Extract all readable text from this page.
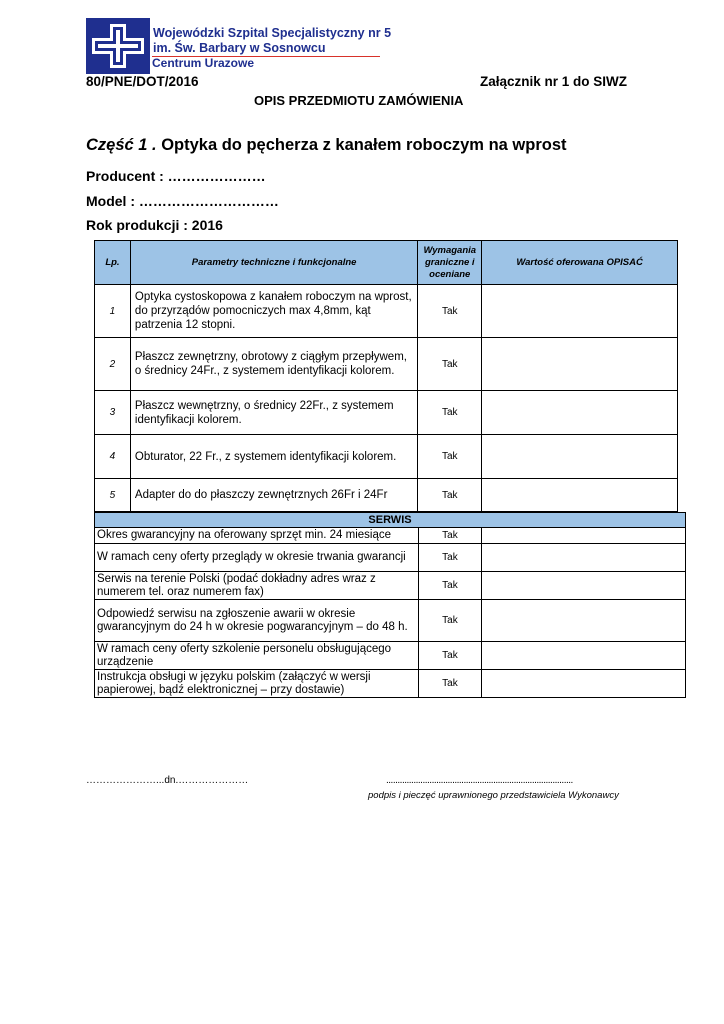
Wojewódzki Szpital Specjalistyczny nr 5
im. Św. Barbary w Sosnowcu
Centrum Urazowe
80/PNE/DOT/2016	Załącznik nr 1 do SIWZ
OPIS PRZEDMIOTU ZAMÓWIENIA
Część 1 . Optyka do pęcherza z kanałem roboczym na wprost
Producent : …………………
Model : …………………………
Rok produkcji : 2016
Lp.	Parametry techniczne i funkcjonalne	Wymagania graniczne i oceniane	Wartość oferowana OPISAĆ
1	Optyka cystoskopowa z kanałem roboczym na wprost, do przyrządów pomocniczych max 4,8mm, kąt patrzenia 12 stopni.	Tak	
2	Płaszcz zewnętrzny, obrotowy z ciągłym przepływem, o średnicy 24Fr., z systemem identyfikacji kolorem.	Tak	
3	Płaszcz wewnętrzny, o średnicy 22Fr., z systemem identyfikacji kolorem.	Tak	
4	Obturator, 22 Fr., z systemem identyfikacji kolorem.	Tak	
5	Adapter do do płaszczy zewnętrznych 26Fr i 24Fr	Tak	
SERWIS		
Okres gwarancyjny na oferowany sprzęt min. 24 miesiące	Tak	
W ramach ceny oferty przeglądy w okresie trwania gwarancji	Tak	
Serwis na terenie Polski (podać dokładny adres wraz z numerem tel. oraz numerem fax)	Tak	
Odpowiedź serwisu na zgłoszenie awarii w okresie gwarancyjnym do 24 h w okresie pogwarancyjnym – do 48 h.	Tak	
W ramach ceny oferty szkolenie personelu obsługującego urządzenie	Tak	
Instrukcja obsługi w języku polskim (załączyć w wersji papierowej, bądź elektronicznej – przy dostawie)	Tak	
…………………...dn.…………………	..................................................................................
podpis i pieczęć uprawnionego przedstawiciela Wykonawcy
